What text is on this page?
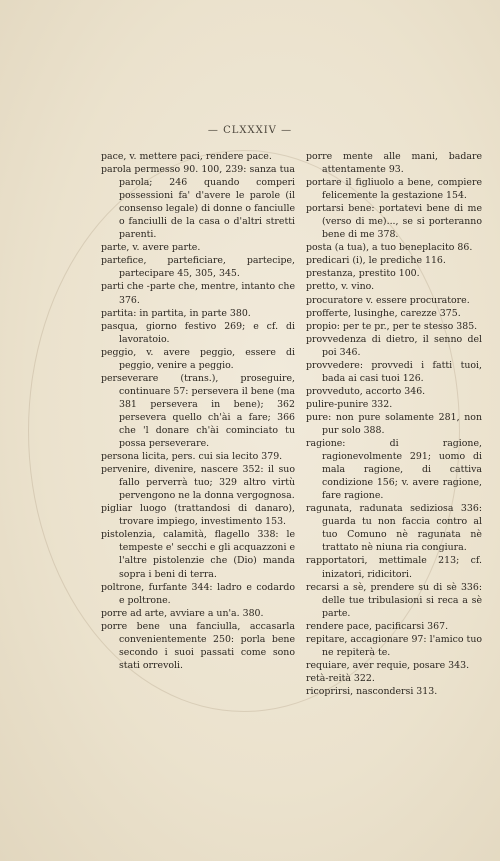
— CLXXXIV —

pace, v. mettere paci, rendere pace.

parola permesso 90. 100, 239: sanza tua parola; 246 quando comperi possessioni fa' d'avere le parole (il consenso legale) di donne o fanciulle o fanciulli de la casa o d'altri stretti parenti.

parte, v. avere parte.

partefice, parteficiare, partecipe, partecipare 45, 305, 345.

parti che -parte che, mentre, intanto che 376.

partita: in partita, in parte 380.

pasqua, giorno festivo 269; e cf. di lavoratoio.

peggio, v. avere peggio, essere di peggio, venire a peggio.

perseverare (trans.), proseguire, continuare 57: persevera il bene (ma 381 persevera in bene); 362 persevera quello ch'ài a fare; 366 che 'l donare ch'ài cominciato tu possa perseverare.

persona licita, pers. cui sia lecito 379.

pervenire, divenire, nascere 352: il suo fallo perverrà tuo; 329 altro virtù pervengono ne la donna vergognosa.

pigliar luogo (trattandosi di danaro), trovare impiego, investimento 153.

pistolenzia, calamità, flagello 338: le tempeste e' secchi e gli acquazzoni e l'altre pistolenzie che (Dio) manda sopra i beni di terra.

poltrone, furfante 344: ladro e codardo e poltrone.

porre ad arte, avviare a un'a. 380.

porre bene una fanciulla, accasarla convenientemente 250: porla bene secondo i suoi passati come sono stati orrevoli.

porre mente alle mani, badare attentamente 93.

portare il figliuolo a bene, compiere felicemente la gestazione 154.

portarsi bene: portatevi bene di me (verso di me)..., se si porteranno bene di me 378.

posta (a tua), a tuo beneplacito 86.

predicari (i), le prediche 116.

prestanza, prestito 100.

pretto, v. vino.

procuratore v. essere procuratore.

profferte, lusinghe, carezze 375.

propio: per te pr., per te stesso 385.

provvedenza di dietro, il senno del poi 346.

provvedere: provvedi i fatti tuoi, bada ai casi tuoi 126.

provveduto, accorto 346.

pulire-punire 332.

pure: non pure solamente 281, non pur solo 388.

ragione: di ragione, ragionevolmente 291; uomo di mala ragione, di cattiva condizione 156; v. avere ragione, fare ragione.

ragunata, radunata sediziosa 336: guarda tu non faccia contro al tuo Comuno nè ragunata nè trattato nè niuna ria congiura.

rapportatori, mettimale 213; cf. inizatori, ridicitori.

recarsi a sè, prendere su di sè 336: delle tue tribulasioni si reca a sè parte.

rendere pace, pacificarsi 367.

repitare, accagionare 97: l'amico tuo ne repiterà te.

requiare, aver requie, posare 343.

retà-reità 322.

ricoprirsi, nascondersi 313.
